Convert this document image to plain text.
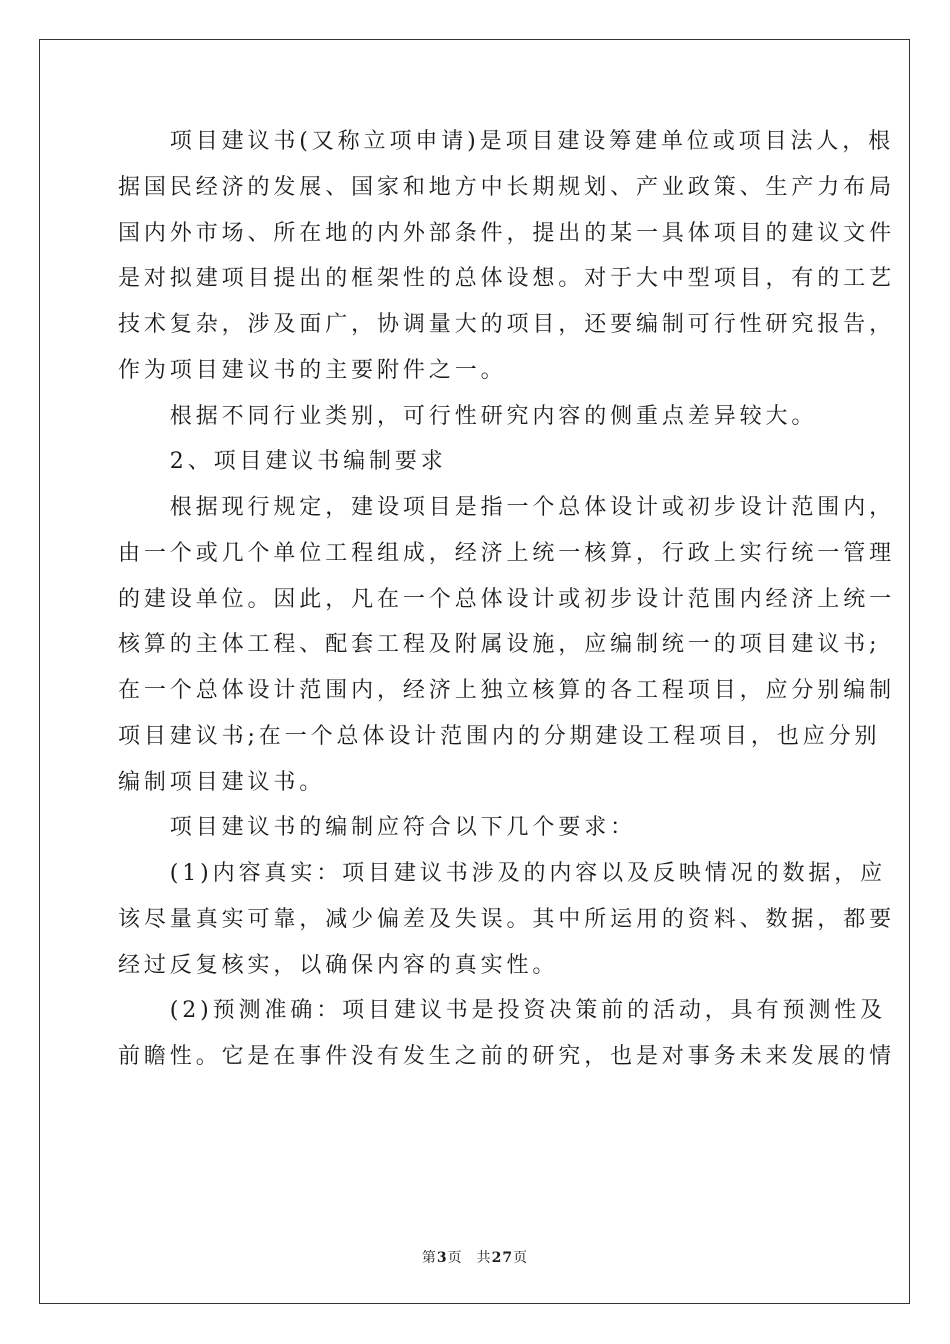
　　项目建议书(又称立项申请)是项目建设筹建单位或项目法人，根
据国民经济的发展、国家和地方中长期规划、产业政策、生产力布局
国内外市场、所在地的内外部条件，提出的某一具体项目的建议文件
是对拟建项目提出的框架性的总体设想。对于大中型项目，有的工艺
技术复杂，涉及面广，协调量大的项目，还要编制可行性研究报告，
作为项目建议书的主要附件之一。
　　根据不同行业类别，可行性研究内容的侧重点差异较大。
　　2、项目建议书编制要求
　　根据现行规定，建设项目是指一个总体设计或初步设计范围内，
由一个或几个单位工程组成，经济上统一核算，行政上实行统一管理
的建设单位。因此，凡在一个总体设计或初步设计范围内经济上统一
核算的主体工程、配套工程及附属设施，应编制统一的项目建议书;
在一个总体设计范围内，经济上独立核算的各工程项目，应分别编制
项目建议书;在一个总体设计范围内的分期建设工程项目，也应分别
编制项目建议书。
　　项目建议书的编制应符合以下几个要求：
　　(1)内容真实：项目建议书涉及的内容以及反映情况的数据，应
该尽量真实可靠，减少偏差及失误。其中所运用的资料、数据，都要
经过反复核实，以确保内容的真实性。
　　(2)预测准确：项目建议书是投资决策前的活动，具有预测性及
前瞻性。它是在事件没有发生之前的研究，也是对事务未来发展的情
第3页 共27页
